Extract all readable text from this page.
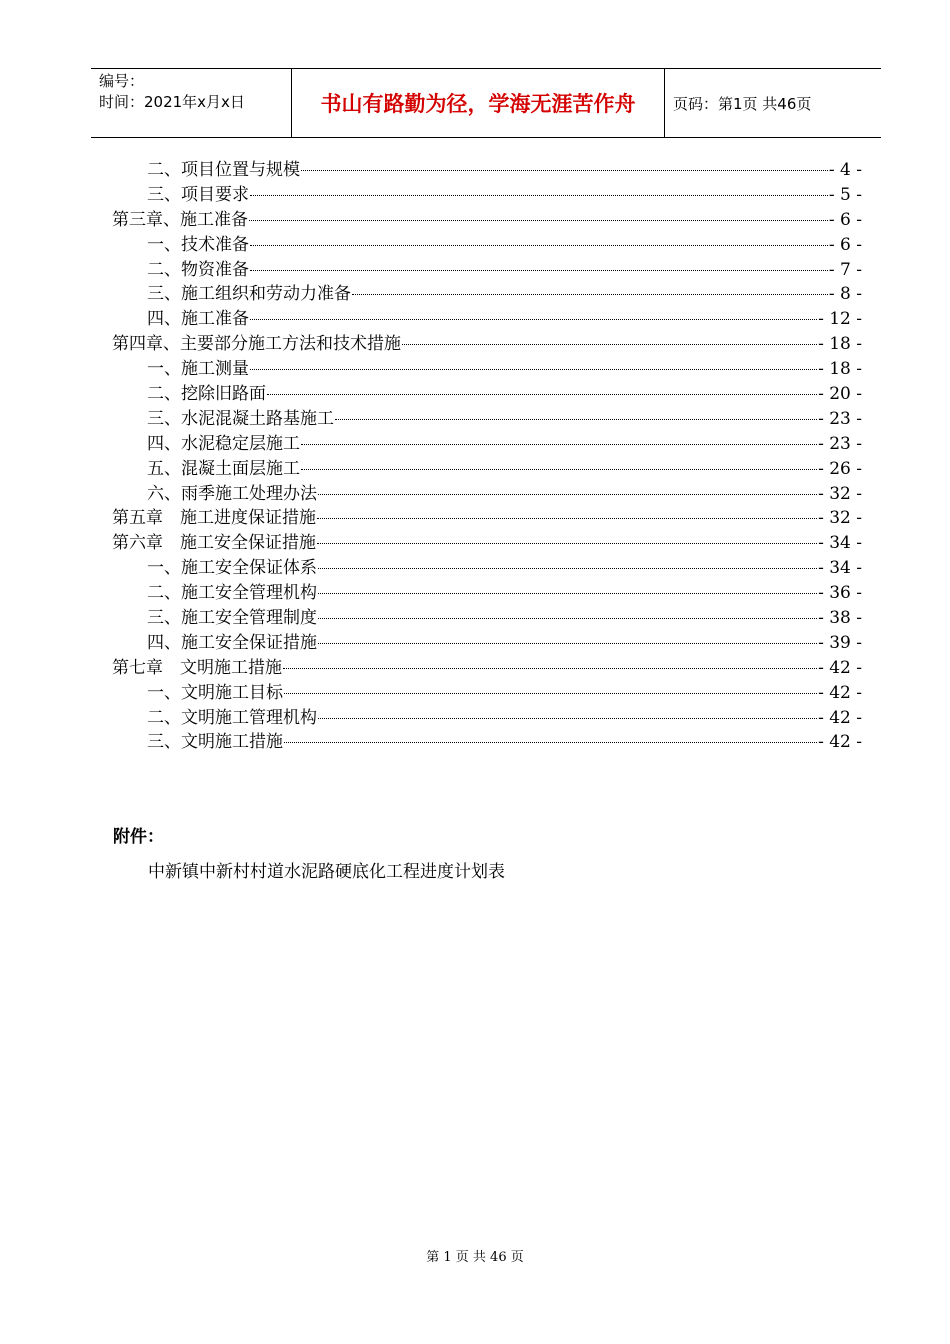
编号：
时间：2021年x月x日	书山有路勤为径，学海无涯苦作舟	页码：第1页 共46页
二、项目位置与规模	- 4 -
三、项目要求	- 5 -
第三章、施工准备	- 6 -
一、技术准备	- 6 -
二、物资准备	- 7 -
三、施工组织和劳动力准备	- 8 -
四、施工准备	- 12 -
第四章、主要部分施工方法和技术措施	- 18 -
一、施工测量	- 18 -
二、挖除旧路面	- 20 -
三、水泥混凝土路基施工	- 23 -
四、水泥稳定层施工	- 23 -
五、混凝土面层施工	- 26 -
六、雨季施工处理办法	- 32 -
第五章　施工进度保证措施	- 32 -
第六章　施工安全保证措施	- 34 -
一、施工安全保证体系	- 34 -
二、施工安全管理机构	- 36 -
三、施工安全管理制度	- 38 -
四、施工安全保证措施	- 39 -
第七章　文明施工措施	- 42 -
一、文明施工目标	- 42 -
二、文明施工管理机构	- 42 -
三、文明施工措施	- 42 -
附件：
中新镇中新村村道水泥路硬底化工程进度计划表
第 1 页 共 46 页
